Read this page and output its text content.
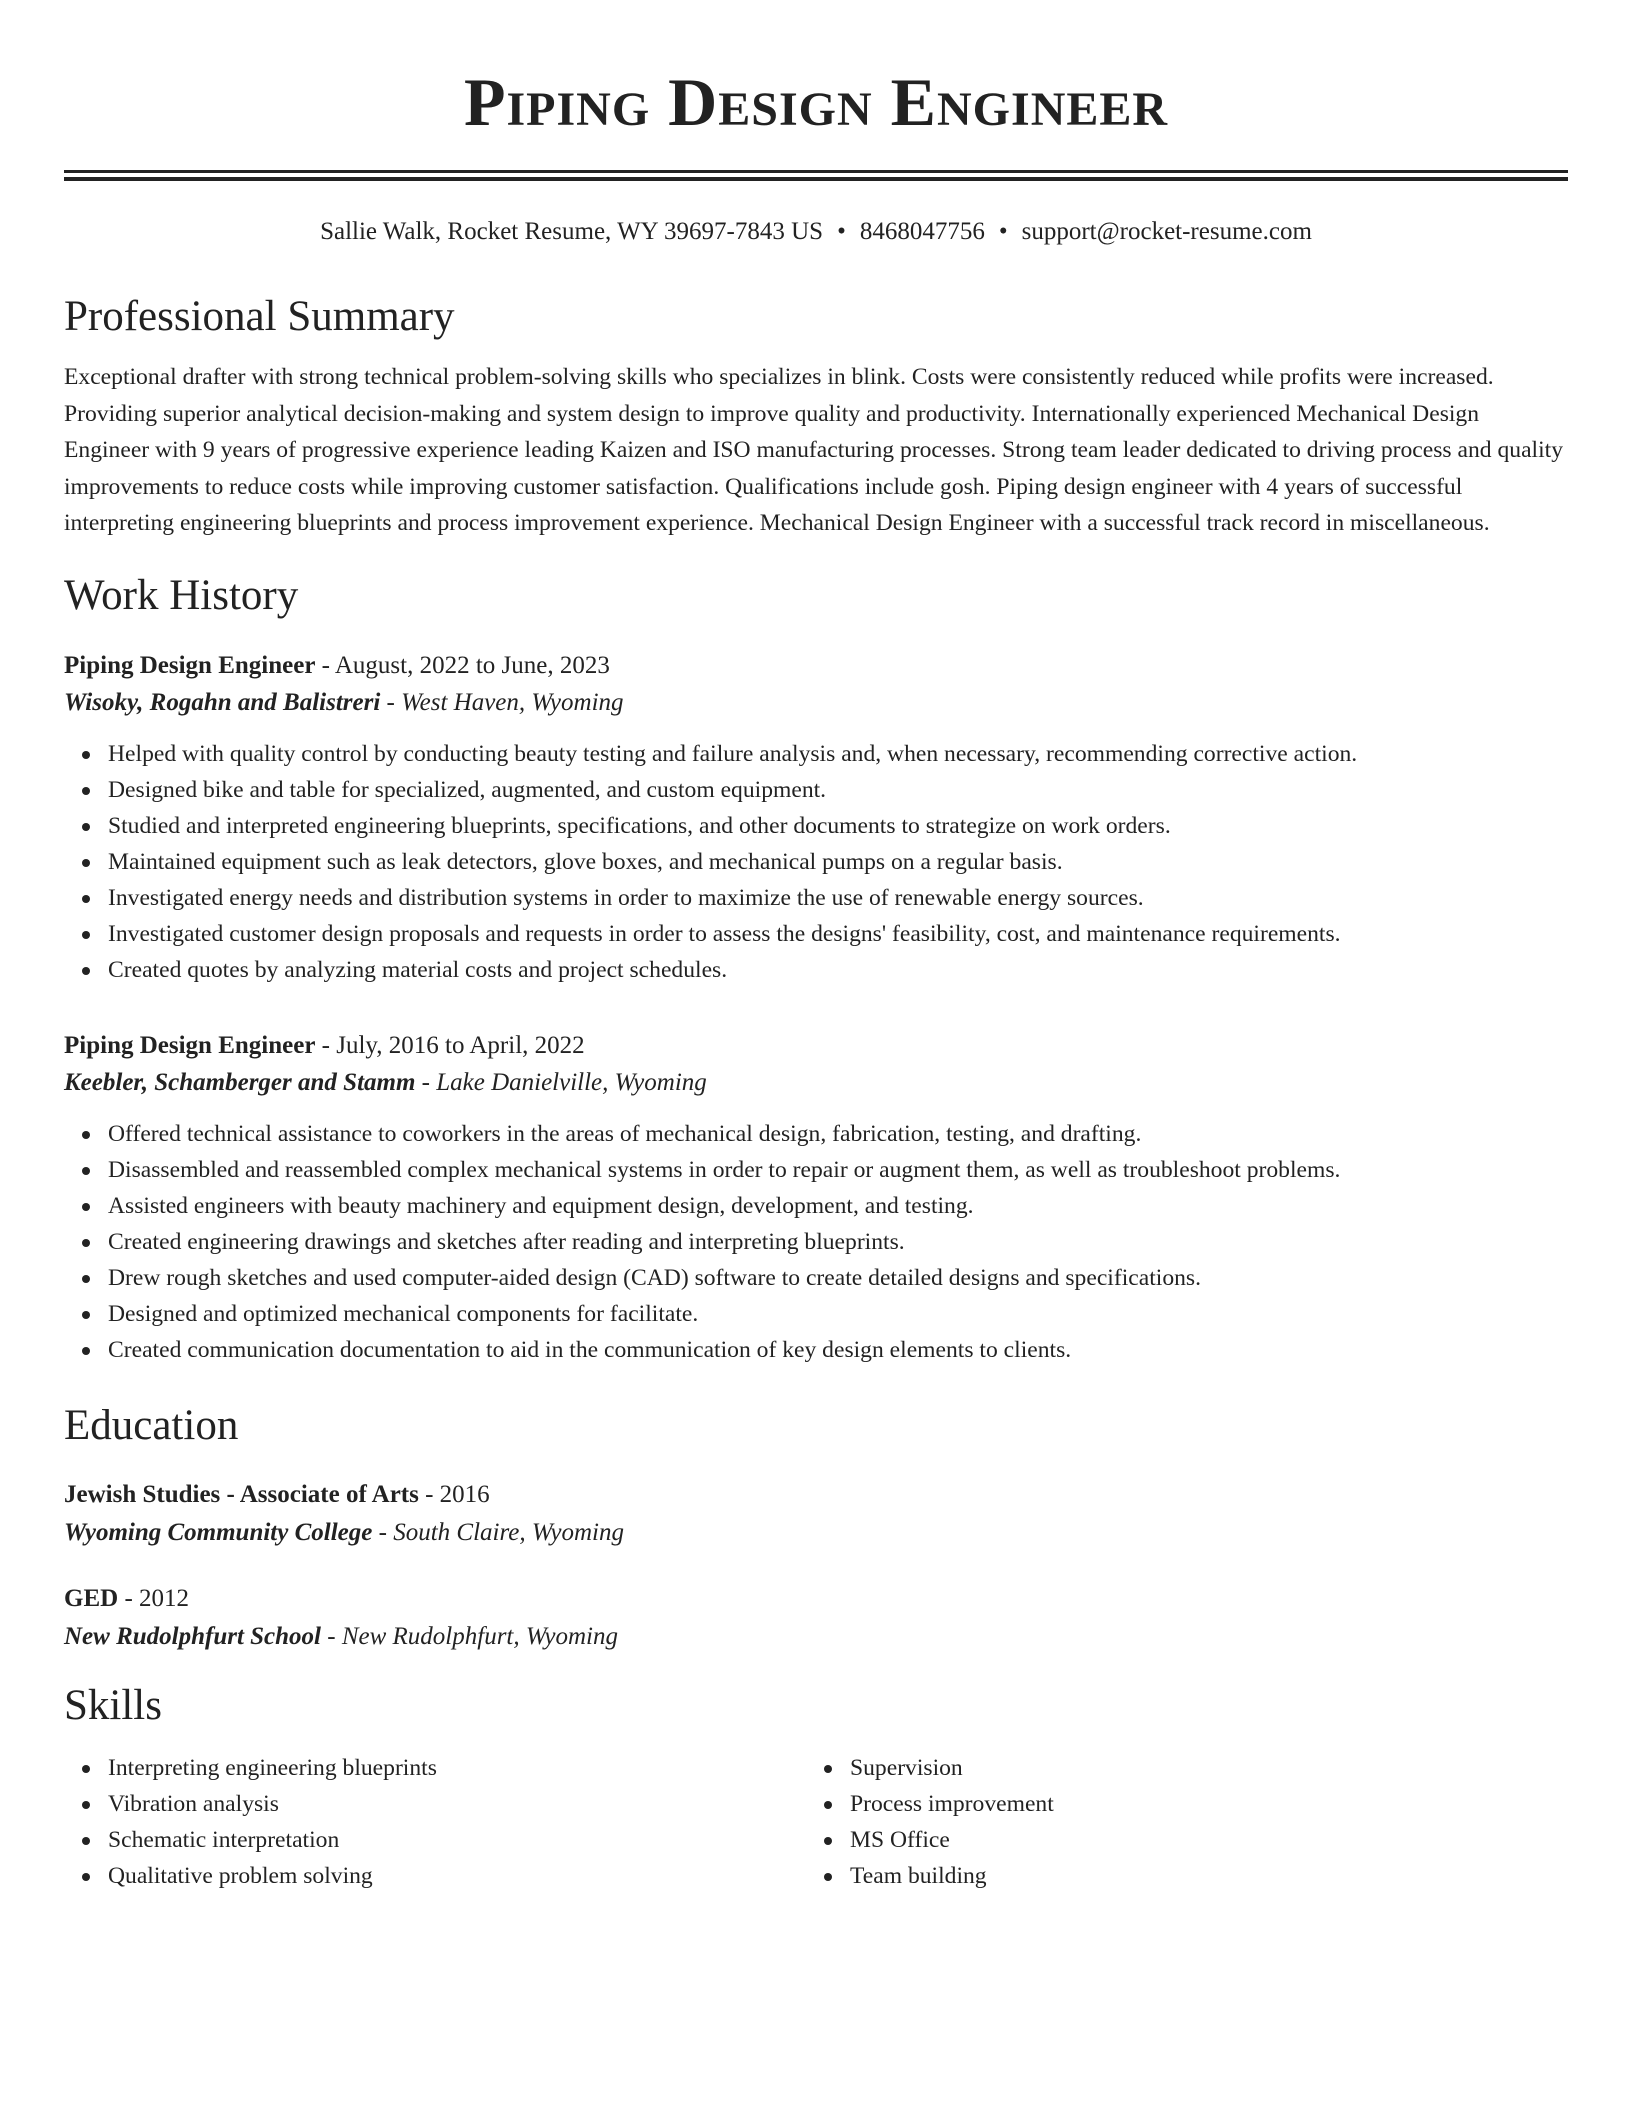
Piping Design Engineer
Sallie Walk, Rocket Resume, WY 39697-7843 US • 8468047756 • support@rocket-resume.com
Professional Summary

Exceptional drafter with strong technical problem-solving skills who specializes in blink. Costs were consistently reduced while profits were increased. Providing superior analytical decision-making and system design to improve quality and productivity. Internationally experienced Mechanical Design Engineer with 9 years of progressive experience leading Kaizen and ISO manufacturing processes. Strong team leader dedicated to driving process and quality improvements to reduce costs while improving customer satisfaction. Qualifications include gosh. Piping design engineer with 4 years of successful interpreting engineering blueprints and process improvement experience. Mechanical Design Engineer with a successful track record in miscellaneous.

Work History
Piping Design Engineer - August, 2022 to June, 2023
Wisoky, Rogahn and Balistreri - West Haven, Wyoming
Helped with quality control by conducting beauty testing and failure analysis and, when necessary, recommending corrective action.
Designed bike and table for specialized, augmented, and custom equipment.
Studied and interpreted engineering blueprints, specifications, and other documents to strategize on work orders.
Maintained equipment such as leak detectors, glove boxes, and mechanical pumps on a regular basis.
Investigated energy needs and distribution systems in order to maximize the use of renewable energy sources.
Investigated customer design proposals and requests in order to assess the designs' feasibility, cost, and maintenance requirements.
Created quotes by analyzing material costs and project schedules.
Piping Design Engineer - July, 2016 to April, 2022
Keebler, Schamberger and Stamm - Lake Danielville, Wyoming
Offered technical assistance to coworkers in the areas of mechanical design, fabrication, testing, and drafting.
Disassembled and reassembled complex mechanical systems in order to repair or augment them, as well as troubleshoot problems.
Assisted engineers with beauty machinery and equipment design, development, and testing.
Created engineering drawings and sketches after reading and interpreting blueprints.
Drew rough sketches and used computer-aided design (CAD) software to create detailed designs and specifications.
Designed and optimized mechanical components for facilitate.
Created communication documentation to aid in the communication of key design elements to clients.
Education
Jewish Studies - Associate of Arts - 2016
Wyoming Community College - South Claire, Wyoming
GED - 2012
New Rudolphfurt School - New Rudolphfurt, Wyoming
Skills
Interpreting engineering blueprints
Vibration analysis
Schematic interpretation
Qualitative problem solving
Supervision
Process improvement
MS Office
Team building
